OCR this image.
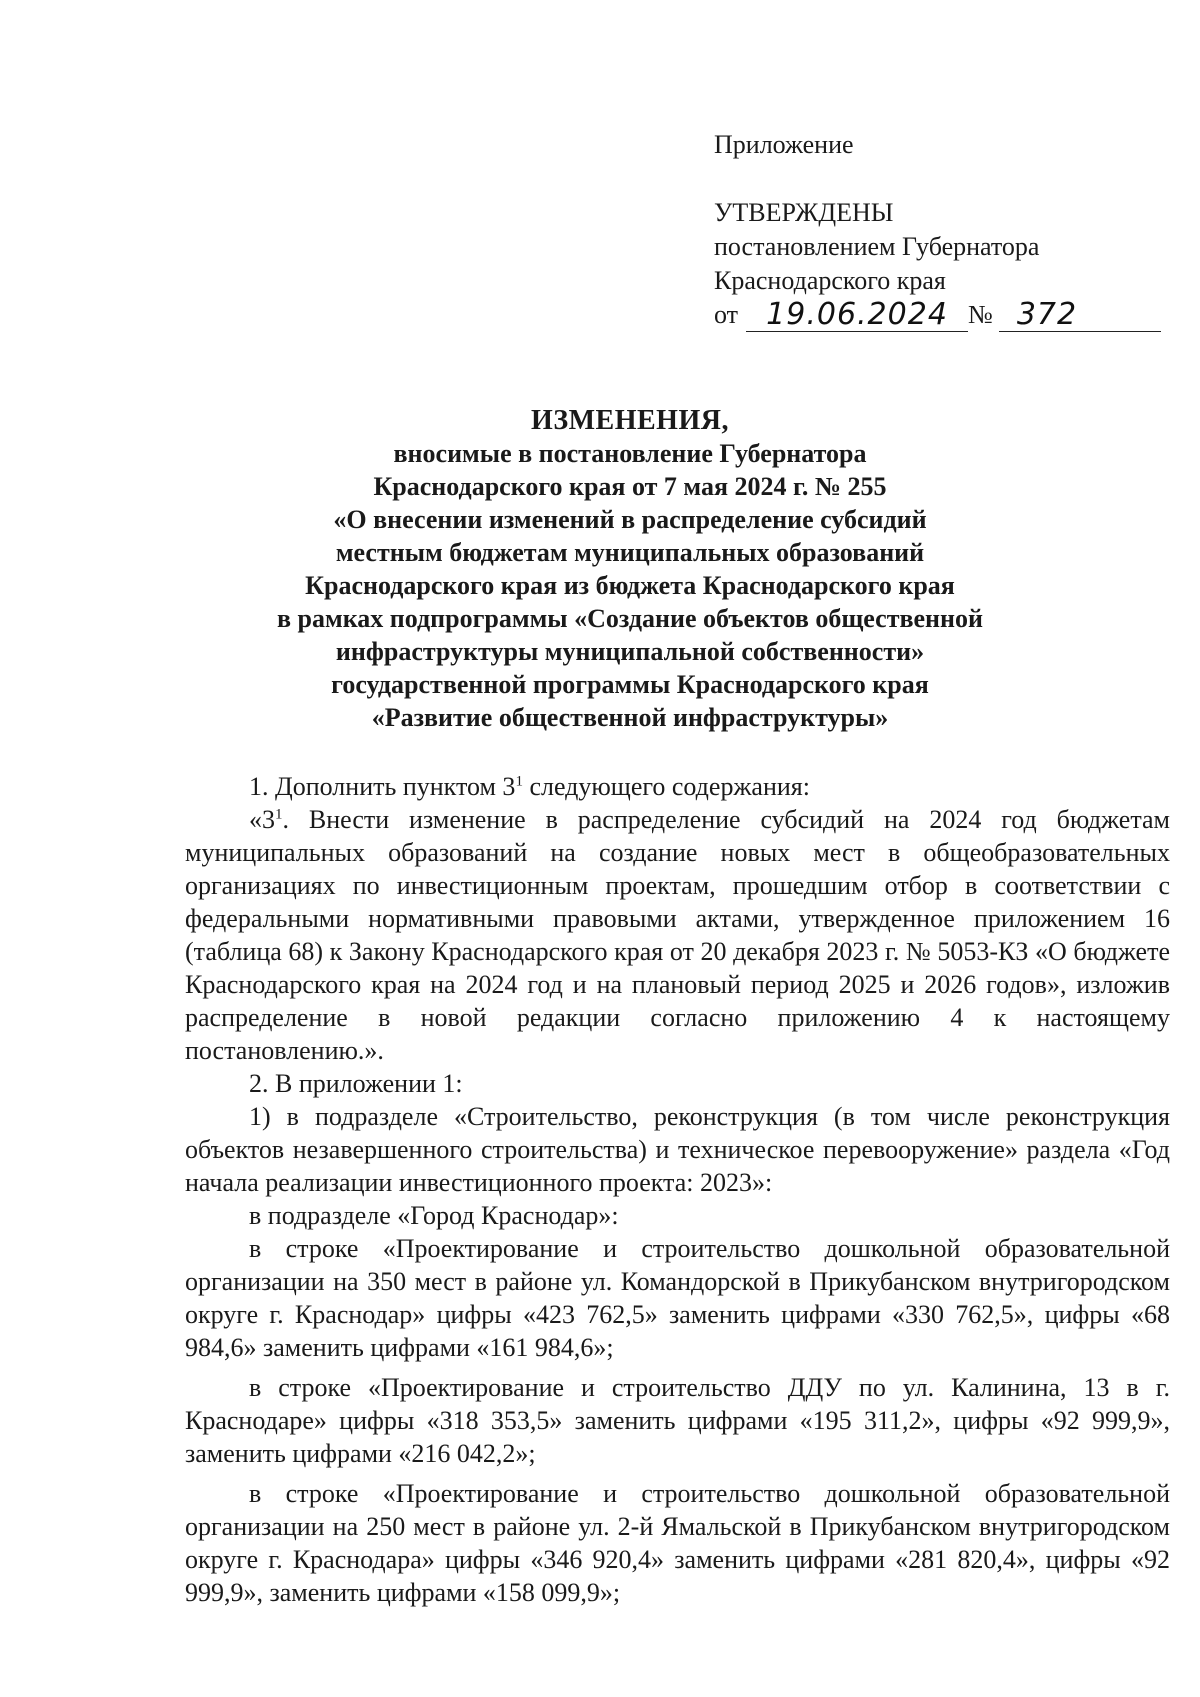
Приложение
УТВЕРЖДЕНЫ
постановлением Губернатора
Краснодарского края
от 19.06.2024 № 372
ИЗМЕНЕНИЯ,
вносимые в постановление Губернатора
Краснодарского края от 7 мая 2024 г. № 255
«О внесении изменений в распределение субсидий
местным бюджетам муниципальных образований
Краснодарского края из бюджета Краснодарского края
в рамках подпрограммы «Создание объектов общественной
инфраструктуры муниципальной собственности»
государственной программы Краснодарского края
«Развитие общественной инфраструктуры»

1. Дополнить пунктом $3^1$ следующего содержания:

«$3^1$. Внести изменение в распределение субсидий на 2024 год бюджетам муниципальных образований на создание новых мест в общеобразовательных организациях по инвестиционным проектам, прошедшим отбор в соответствии с федеральными нормативными правовыми актами, утвержденное приложением 16 (таблица 68) к Закону Краснодарского края от 20 декабря 2023 г. № 5053-КЗ «О бюджете Краснодарского края на 2024 год и на плановый период 2025 и 2026 годов», изложив распределение в новой редакции согласно приложению 4 к настоящему постановлению.».

2. В приложении 1:

1) в подразделе «Строительство, реконструкция (в том числе реконструкция объектов незавершенного строительства) и техническое перевооружение» раздела «Год начала реализации инвестиционного проекта: 2023»:

в подразделе «Город Краснодар»:

в строке «Проектирование и строительство дошкольной образовательной организации на 350 мест в районе ул. Командорской в Прикубанском внутригородском округе г. Краснодар» цифры «423 762,5» заменить цифрами «330 762,5», цифры «68 984,6» заменить цифрами «161 984,6»;

в строке «Проектирование и строительство ДДУ по ул. Калинина, 13 в г. Краснодаре» цифры «318 353,5» заменить цифрами «195 311,2», цифры «92 999,9», заменить цифрами «216 042,2»;

в строке «Проектирование и строительство дошкольной образовательной организации на 250 мест в районе ул. 2-й Ямальской в Прикубанском внутригородском округе г. Краснодара» цифры «346 920,4» заменить цифрами «281 820,4», цифры «92 999,9», заменить цифрами «158 099,9»;
